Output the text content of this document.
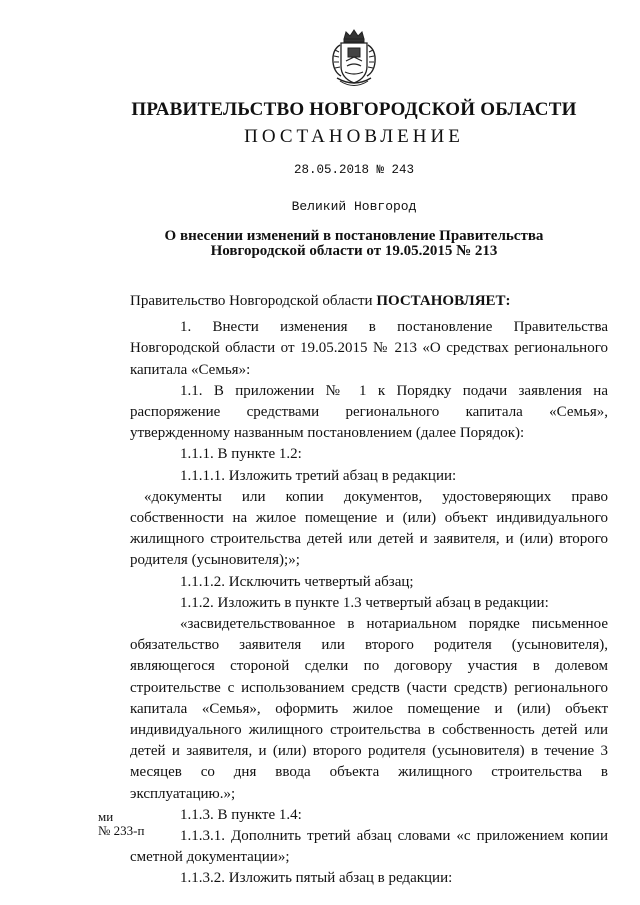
ПРАВИТЕЛЬСТВО НОВГОРОДСКОЙ ОБЛАСТИ
ПОСТАНОВЛЕНИЕ
28.05.2018 № 243
Великий Новгород
О внесении изменений в постановление Правительства
Новгородской области от 19.05.2015 № 213

Правительство Новгородской области ПОСТАНОВЛЯЕТ:

1. Внести изменения в постановление Правительства Новгородской области от 19.05.2015 № 213 «О средствах регионального капитала «Семья»:

1.1. В приложении № 1 к Порядку подачи заявления на распоряжение средствами регионального капитала «Семья», утвержденному названным постановлением (далее Порядок):

1.1.1. В пункте 1.2:

1.1.1.1. Изложить третий абзац в редакции:

«документы или копии документов, удостоверяющих право собственности на жилое помещение и (или) объект индивидуального жилищного строительства детей или детей и заявителя, и (или) второго родителя (усыновителя);»;

1.1.1.2. Исключить четвертый абзац;

1.1.2. Изложить в пункте 1.3 четвертый абзац в редакции:

«засвидетельствованное в нотариальном порядке письменное обязательство заявителя или второго родителя (усыновителя), являющегося стороной сделки по договору участия в долевом строительстве с использованием средств (части средств) регионального капитала «Семья», оформить жилое помещение и (или) объект индивидуального жилищного строительства в собственность детей или детей и заявителя, и (или) второго родителя (усыновителя) в течение 3 месяцев со дня ввода объекта жилищного строительства в эксплуатацию.»;

1.1.3. В пункте 1.4:

1.1.3.1. Дополнить третий абзац словами «с приложением копии сметной документации»;

1.1.3.2. Изложить пятый абзац в редакции:

ми
№ 233-п
